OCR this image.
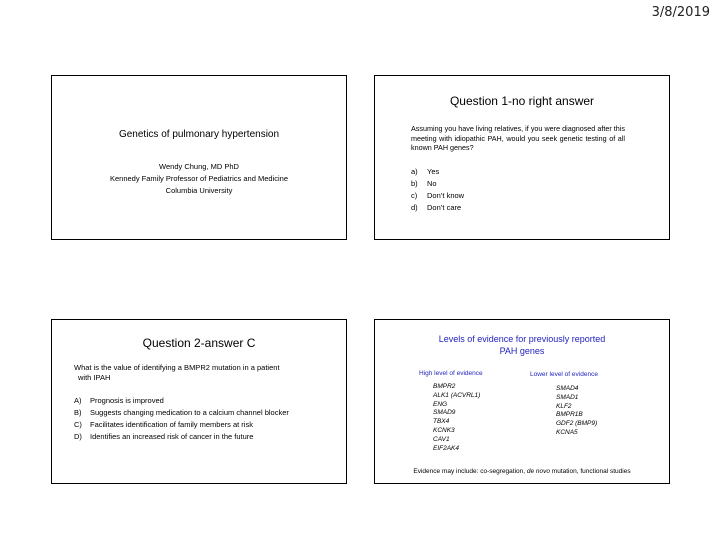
3/8/2019
Genetics of pulmonary hypertension
Wendy Chung, MD PhD
Kennedy Family Professor of Pediatrics and Medicine
Columbia University
Question 1-no right answer
Assuming you have living relatives, if you were diagnosed after this meeting with idiopathic PAH, would you seek genetic testing of all known PAH genes?
a) Yes
b) No
c) Don’t know
d) Don’t care
Question 2-answer C
What is the value of identifying a BMPR2 mutation in a patient
with IPAH
A) Prognosis is improved
B) Suggests changing medication to a calcium channel blocker
C) Facilitates identification of family members at risk
D) Identifies an increased risk of cancer in the future
Levels of evidence for previously reported
PAH genes
High level of evidence	Lower level of evidence
BMPR2
ALK1 (ACVRL1)
ENG
SMAD9
TBX4
KCNK3
CAV1
EIF2AK4
SMAD4
SMAD1
KLF2
BMPR1B
GDF2 (BMP9)
KCNA5
Evidence may include: co-segregation, de novo mutation, functional studies
